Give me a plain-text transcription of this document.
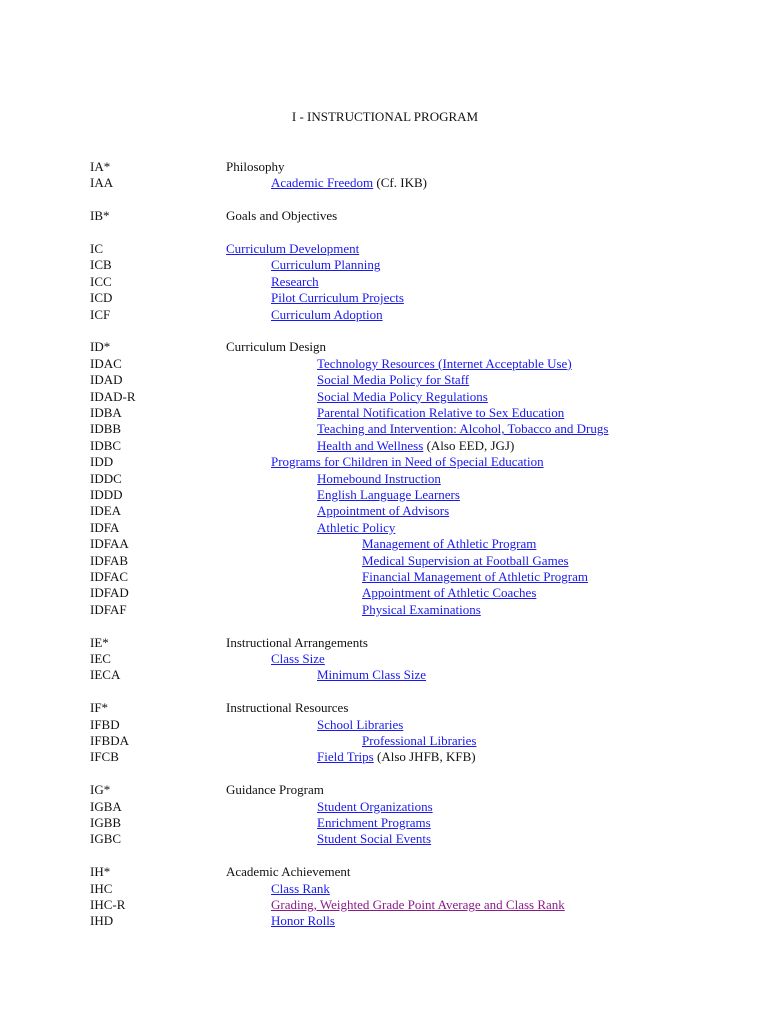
I - INSTRUCTIONAL PROGRAM
IA*	Philosophy
IAA	Academic Freedom (Cf. IKB)
IB*	Goals and Objectives
IC	Curriculum Development
ICB	Curriculum Planning
ICC	Research
ICD	Pilot Curriculum Projects
ICF	Curriculum Adoption
ID*	Curriculum Design
IDAC	Technology Resources (Internet Acceptable Use)
IDAD	Social Media Policy for Staff
IDAD-R	Social Media Policy Regulations
IDBA	Parental Notification Relative to Sex Education
IDBB	Teaching and Intervention: Alcohol, Tobacco and Drugs
IDBC	Health and Wellness (Also EED, JGJ)
IDD	Programs for Children in Need of Special Education
IDDC	Homebound Instruction
IDDD	English Language Learners
IDEA	Appointment of Advisors
IDFA	Athletic Policy
IDFAA	Management of Athletic Program
IDFAB	Medical Supervision at Football Games
IDFAC	Financial Management of Athletic Program
IDFAD	Appointment of Athletic Coaches
IDFAF	Physical Examinations
IE*	Instructional Arrangements
IEC	Class Size
IECA	Minimum Class Size
IF*	Instructional Resources
IFBD	School Libraries
IFBDA	Professional Libraries
IFCB	Field Trips (Also JHFB, KFB)
IG*	Guidance Program
IGBA	Student Organizations
IGBB	Enrichment Programs
IGBC	Student Social Events
IH*	Academic Achievement
IHC	Class Rank
IHC-R	Grading, Weighted Grade Point Average and Class Rank
IHD	Honor Rolls
